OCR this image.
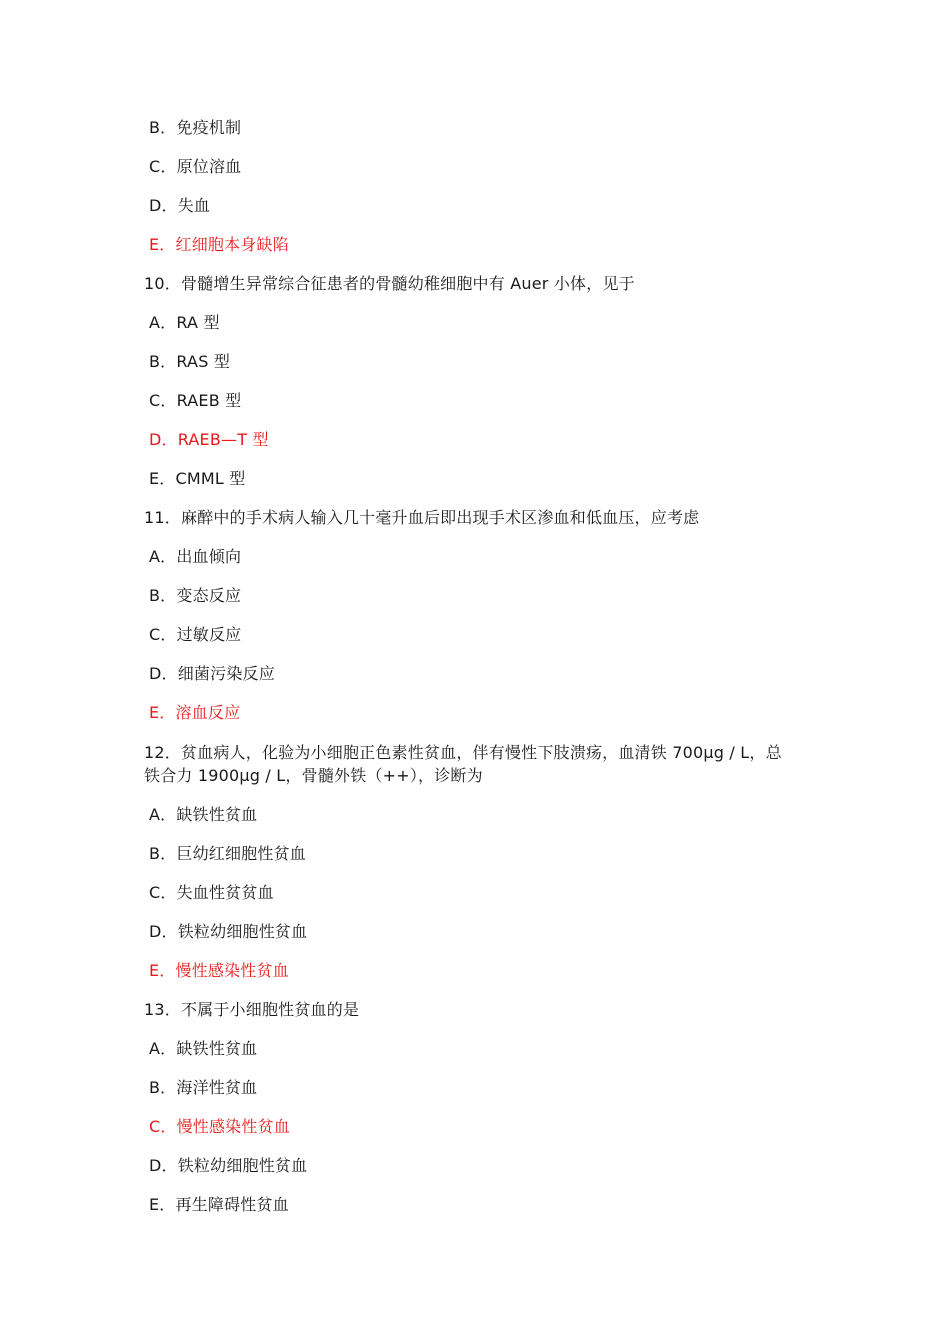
B．免疫机制
C．原位溶血
D．失血
E．红细胞本身缺陷
10．骨髓增生异常综合征患者的骨髓幼稚细胞中有 Auer 小体，见于
A．RA 型
B．RAS 型
C．RAEB 型
D．RAEB—T 型
E．CMML 型
11．麻醉中的手术病人输入几十毫升血后即出现手术区渗血和低血压，应考虑
A．出血倾向
B．变态反应
C．过敏反应
D．细菌污染反应
E．溶血反应
12．贫血病人，化验为小细胞正色素性贫血，伴有慢性下肢溃疡，血清铁 700μg / L，总铁合力 1900μg / L，骨髓外铁（++），诊断为
A．缺铁性贫血
B．巨幼红细胞性贫血
C．失血性贫贫血
D．铁粒幼细胞性贫血
E．慢性感染性贫血
13．不属于小细胞性贫血的是
A．缺铁性贫血
B．海洋性贫血
C．慢性感染性贫血
D．铁粒幼细胞性贫血
E．再生障碍性贫血
